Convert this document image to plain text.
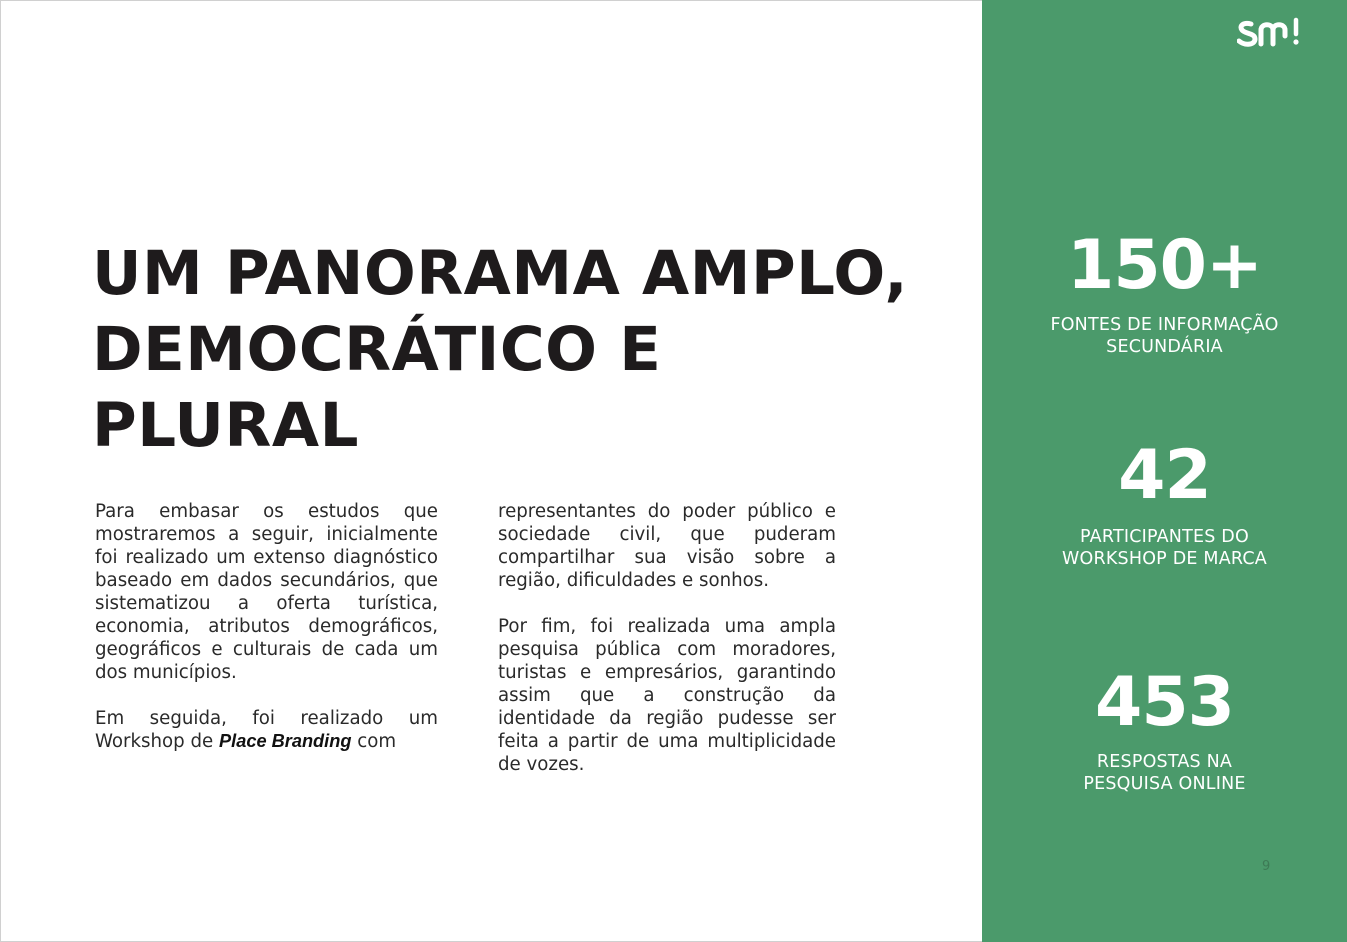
UM PANORAMA AMPLO,
DEMOCRÁTICO E
PLURAL

Para embasar os estudos que mostraremos a seguir, inicialmente foi realizado um extenso diagnóstico baseado em dados secundários, que sistematizou a oferta turística, economia, atributos demográficos, geográficos e culturais de cada um dos municípios.

Em seguida, foi realizado um Workshop de Place Branding com

representantes do poder público e sociedade civil, que puderam compartilhar sua visão sobre a região, dificuldades e sonhos.

Por fim, foi realizada uma ampla pesquisa pública com moradores, turistas e empresários, garantindo assim que a construção da identidade da região pudesse ser feita a partir de uma multiplicidade de vozes.

150+
FONTES DE INFORMAÇÃO
SECUNDÁRIA
42
PARTICIPANTES DO
WORKSHOP DE MARCA
453
RESPOSTAS NA
PESQUISA ONLINE
9
